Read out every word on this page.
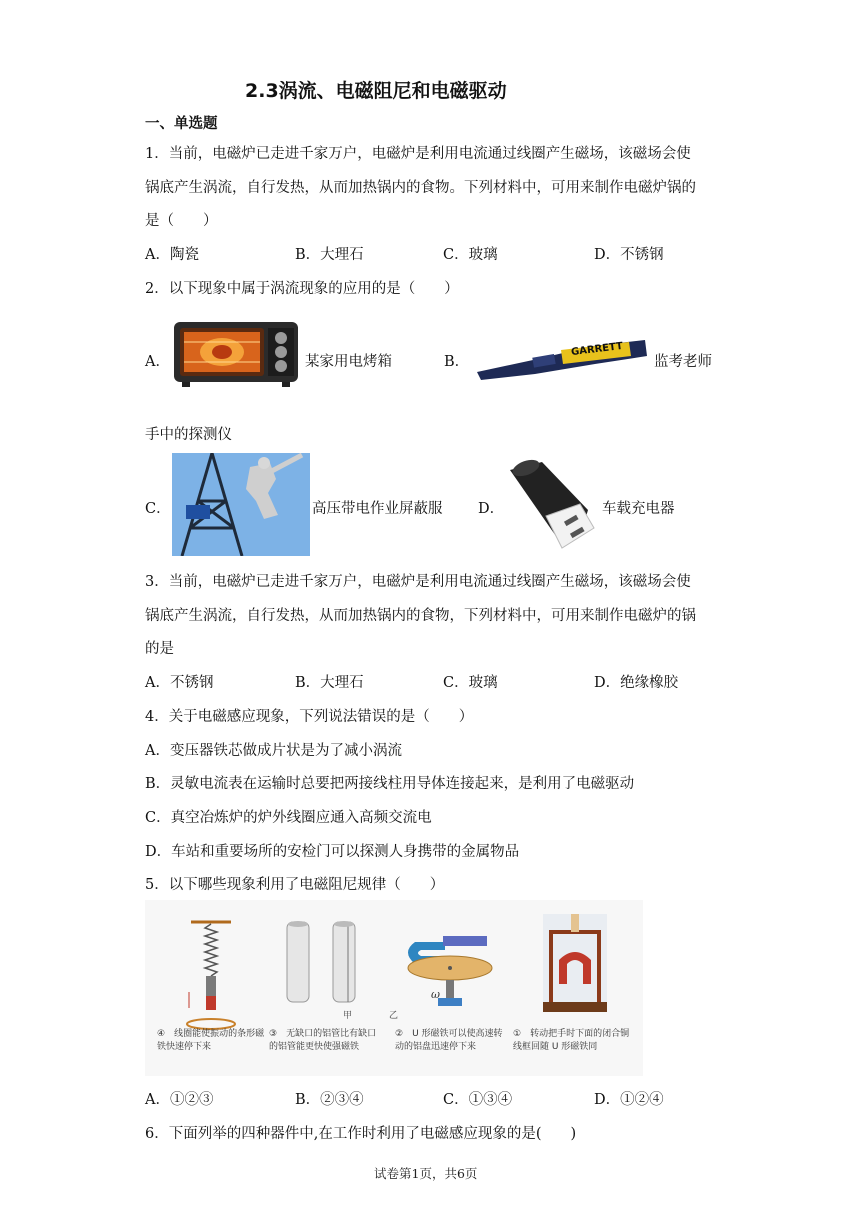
2.3涡流、电磁阻尼和电磁驱动
一、单选题
1．当前，电磁炉已走进千家万户，电磁炉是利用电流通过线圈产生磁场，该磁场会使
锅底产生涡流，自行发热，从而加热锅内的食物。下列材料中，可用来制作电磁炉锅的
是（　　）
A．陶瓷	B．大理石	C．玻璃	D．不锈钢
2．以下现象中属于涡流现象的应用的是（　　）
A．	某家用电烤箱	B．
GARRETT
监考老师
手中的探测仪
C．	高压带电作业屏蔽服 D．	车载充电器
3．当前，电磁炉已走进千家万户，电磁炉是利用电流通过线圈产生磁场，该磁场会使
锅底产生涡流，自行发热，从而加热锅内的食物，下列材料中，可用来制作电磁炉的锅
的是
A．不锈钢	B．大理石	C．玻璃	D．绝缘橡胶
4．关于电磁感应现象，下列说法错误的是（　　）
A．变压器铁芯做成片状是为了减小涡流
B．灵敏电流表在运输时总要把两接线柱用导体连接起来，是利用了电磁驱动
C．真空冶炼炉的炉外线圈应通入高频交流电
D．车站和重要场所的安检门可以探测人身携带的金属物品
5．以下哪些现象利用了电磁阻尼规律（　　）
甲	乙
ω
④　线圈能使振动的条形磁铁快速停下来
③　无缺口的铝管比有缺口的铝管能更快使强磁铁
②　U 形磁铁可以使高速转动的铝盘迅速停下来
①　转动把手时下面的闭合铜线框回随 U 形磁铁同
A．①②③	B．②③④	C．①③④	D．①②④
6．下面列举的四种器件中,在工作时利用了电磁感应现象的是(　　)
试卷第1页，共6页
